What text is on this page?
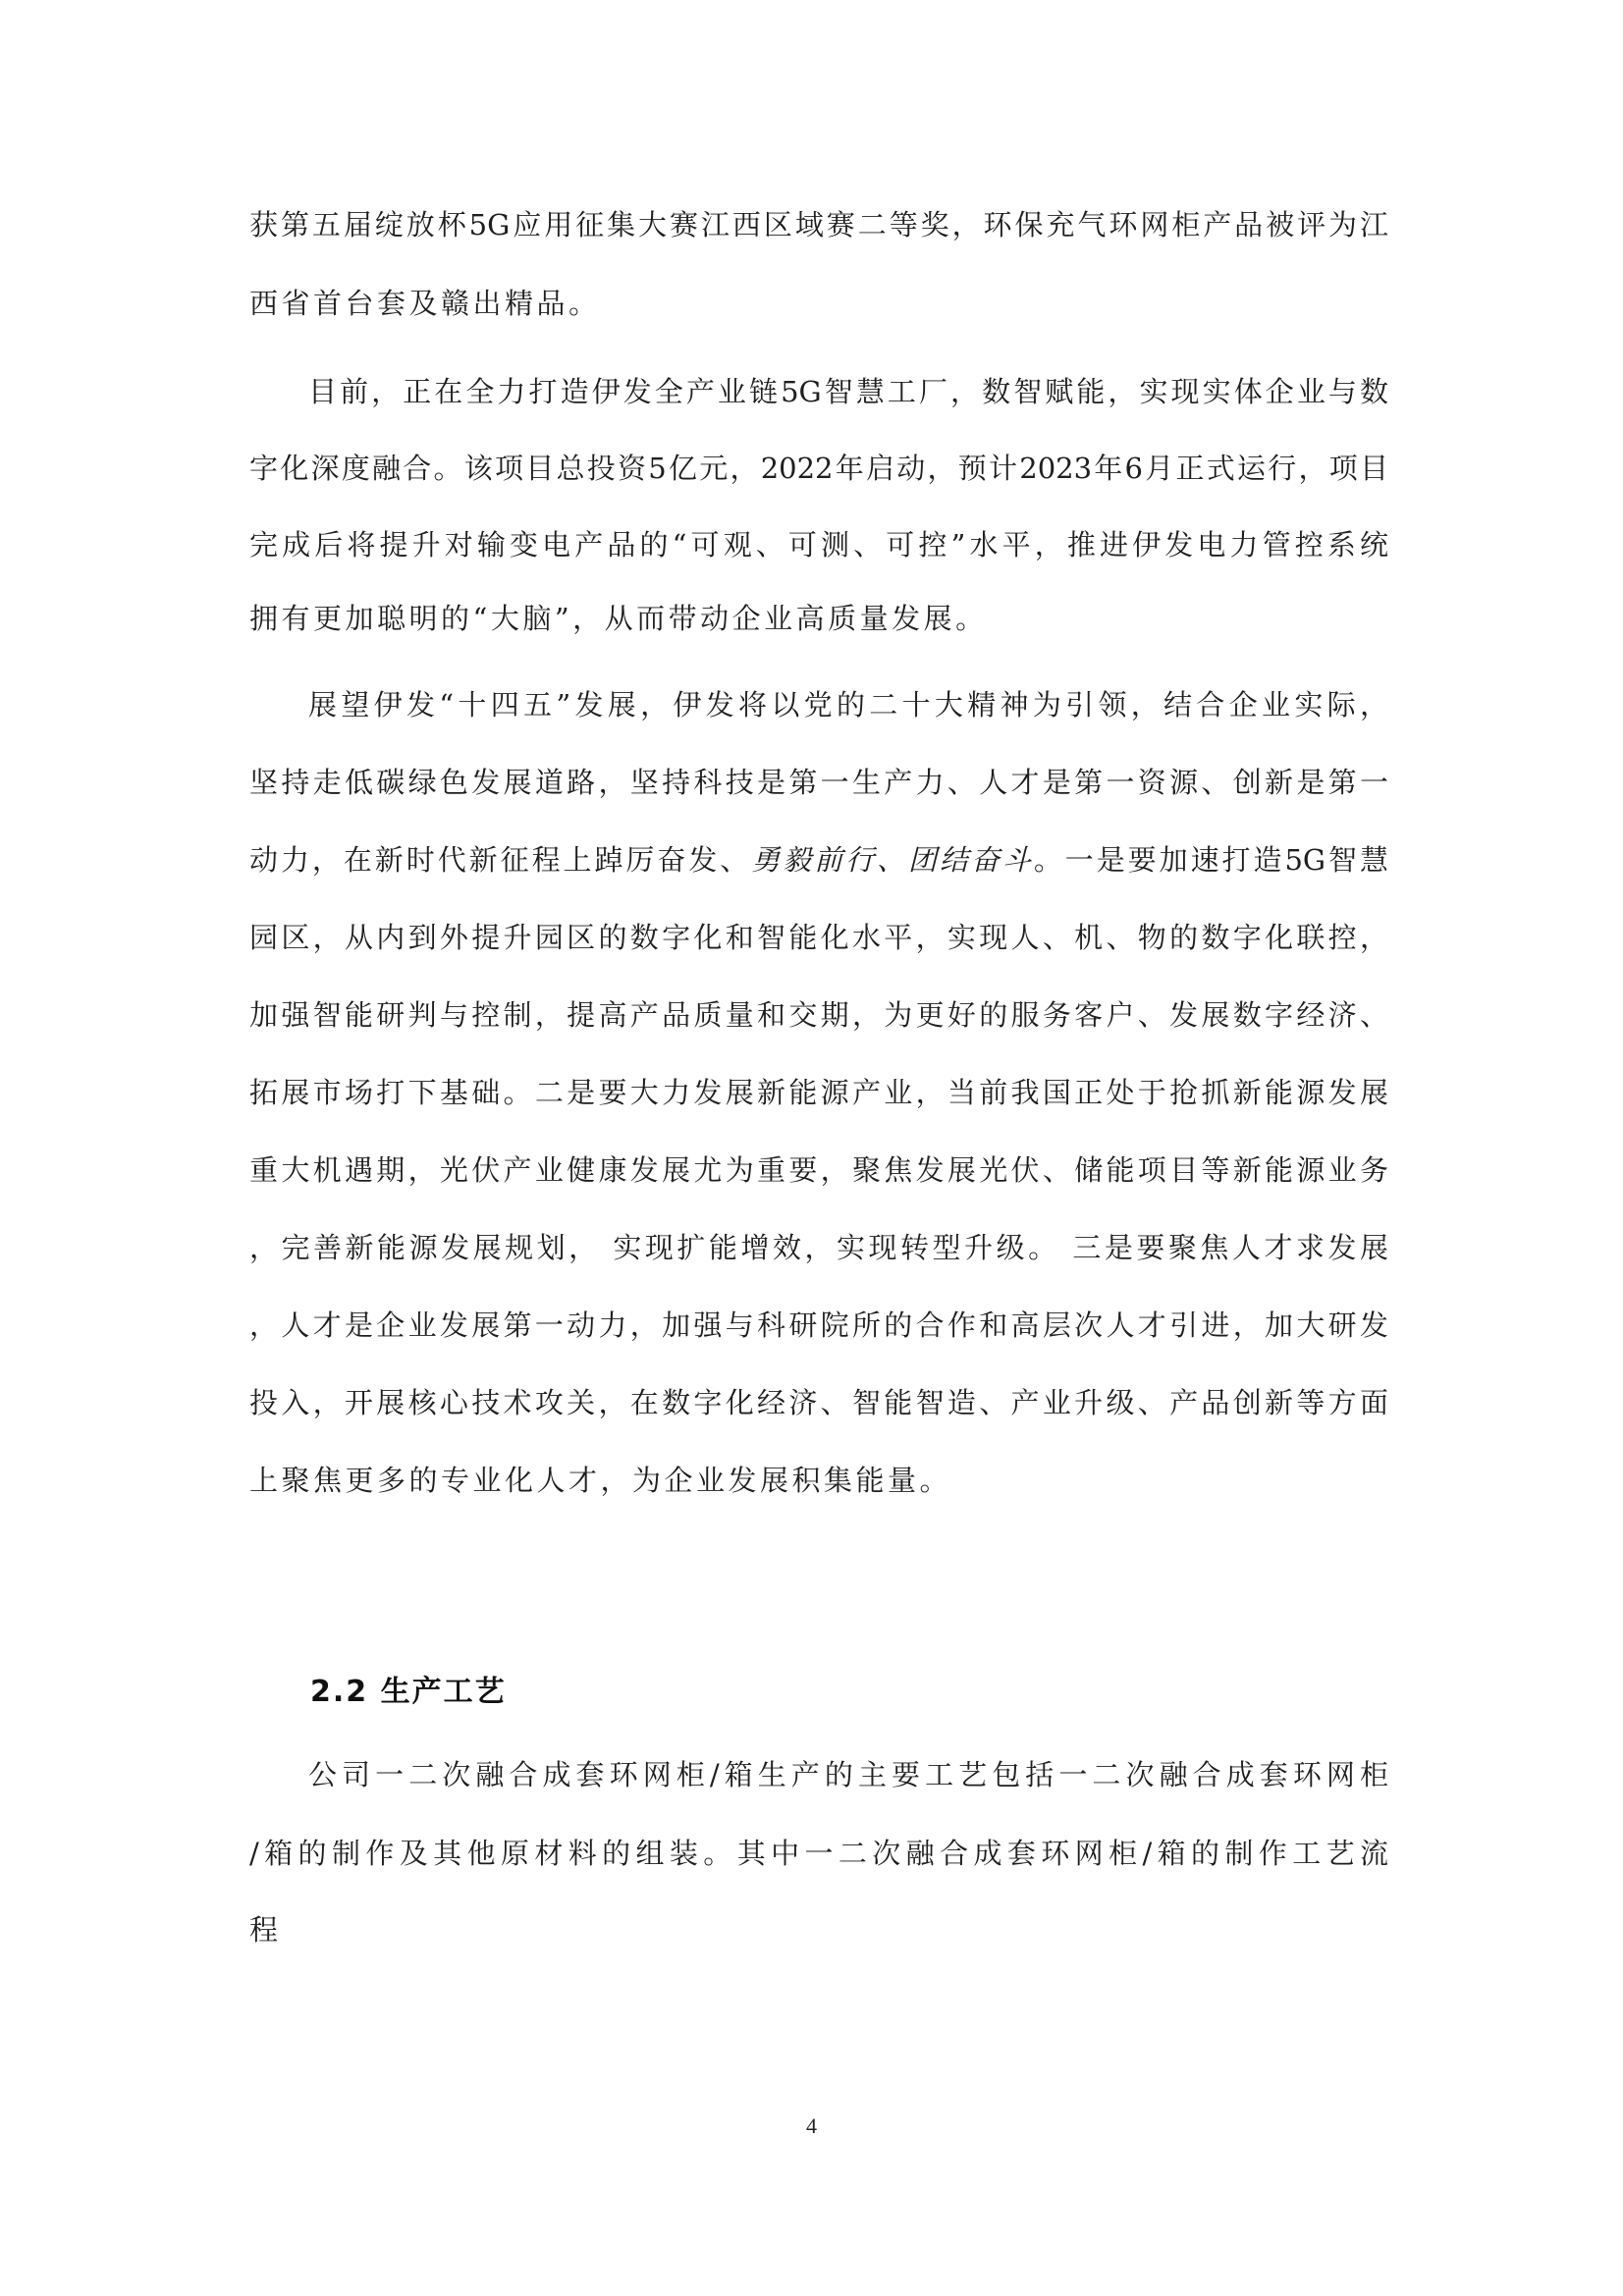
获第五届绽放杯5G应用征集大赛江西区域赛二等奖，环保充气环网柜产品被评为江

西省首台套及赣出精品。

目前，正在全力打造伊发全产业链5G智慧工厂，数智赋能，实现实体企业与数

字化深度融合。该项目总投资5亿元，2022年启动，预计2023年6月正式运行，项目

完成后将提升对输变电产品的“可观、可测、可控”水平，推进伊发电力管控系统

拥有更加聪明的“大脑”，从而带动企业高质量发展。

展望伊发“十四五”发展，伊发将以党的二十大精神为引领，结合企业实际，

坚持走低碳绿色发展道路，坚持科技是第一生产力、人才是第一资源、创新是第一

动力，在新时代新征程上踔厉奋发、勇毅前行、团结奋斗。一是要加速打造5G智慧

园区，从内到外提升园区的数字化和智能化水平，实现人、机、物的数字化联控，

加强智能研判与控制，提高产品质量和交期，为更好的服务客户、发展数字经济、

拓展市场打下基础。二是要大力发展新能源产业，当前我国正处于抢抓新能源发展

重大机遇期，光伏产业健康发展尤为重要，聚焦发展光伏、储能项目等新能源业务

，完善新能源发展规划， 实现扩能增效，实现转型升级。 三是要聚焦人才求发展

，人才是企业发展第一动力，加强与科研院所的合作和高层次人才引进，加大研发

投入，开展核心技术攻关，在数字化经济、智能智造、产业升级、产品创新等方面

上聚焦更多的专业化人才，为企业发展积集能量。

2.2 生产工艺

公司一二次融合成套环网柜/箱生产的主要工艺包括一二次融合成套环网柜

/箱的制作及其他原材料的组装。其中一二次融合成套环网柜/箱的制作工艺流

程

4
